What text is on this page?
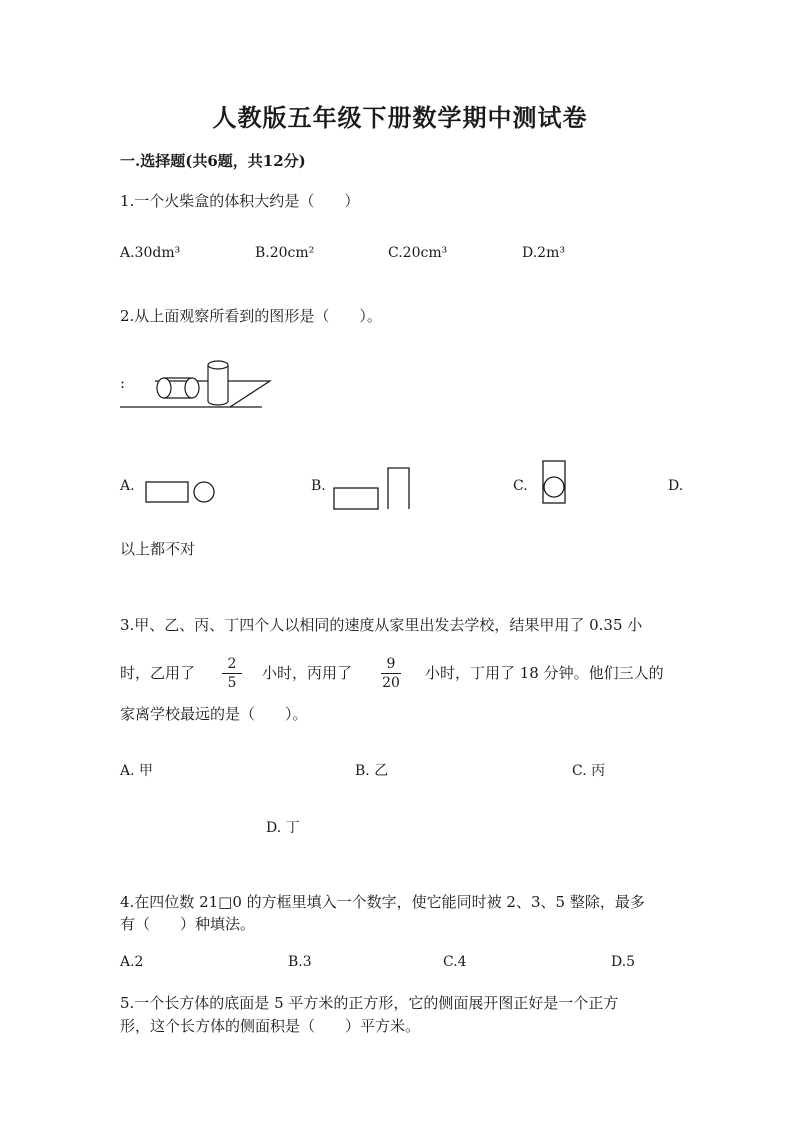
人教版五年级下册数学期中测试卷
一.选择题(共6题，共12分)
1.一个火柴盒的体积大约是（　　）
A.30dm³	B.20cm²	C.20cm³	D.2m³
2.从上面观察所看到的图形是（　　）。
:
A.	B.	C.	D.
以上都不对
3.甲、乙、丙、丁四个人以相同的速度从家里出发去学校，结果甲用了 0.35 小
时，乙用了 2
5
小时，丙用了 9
20
小时，丁用了 18 分钟。他们三人的
家离学校最远的是（　　）。
A. 甲	B. 乙	C. 丙
D. 丁
4.在四位数 21□0 的方框里填入一个数字，使它能同时被 2、3、5 整除，最多
有（　　）种填法。
A.2	B.3	C.4	D.5
5.一个长方体的底面是 5 平方米的正方形，它的侧面展开图正好是一个正方
形，这个长方体的侧面积是（　　）平方米。
